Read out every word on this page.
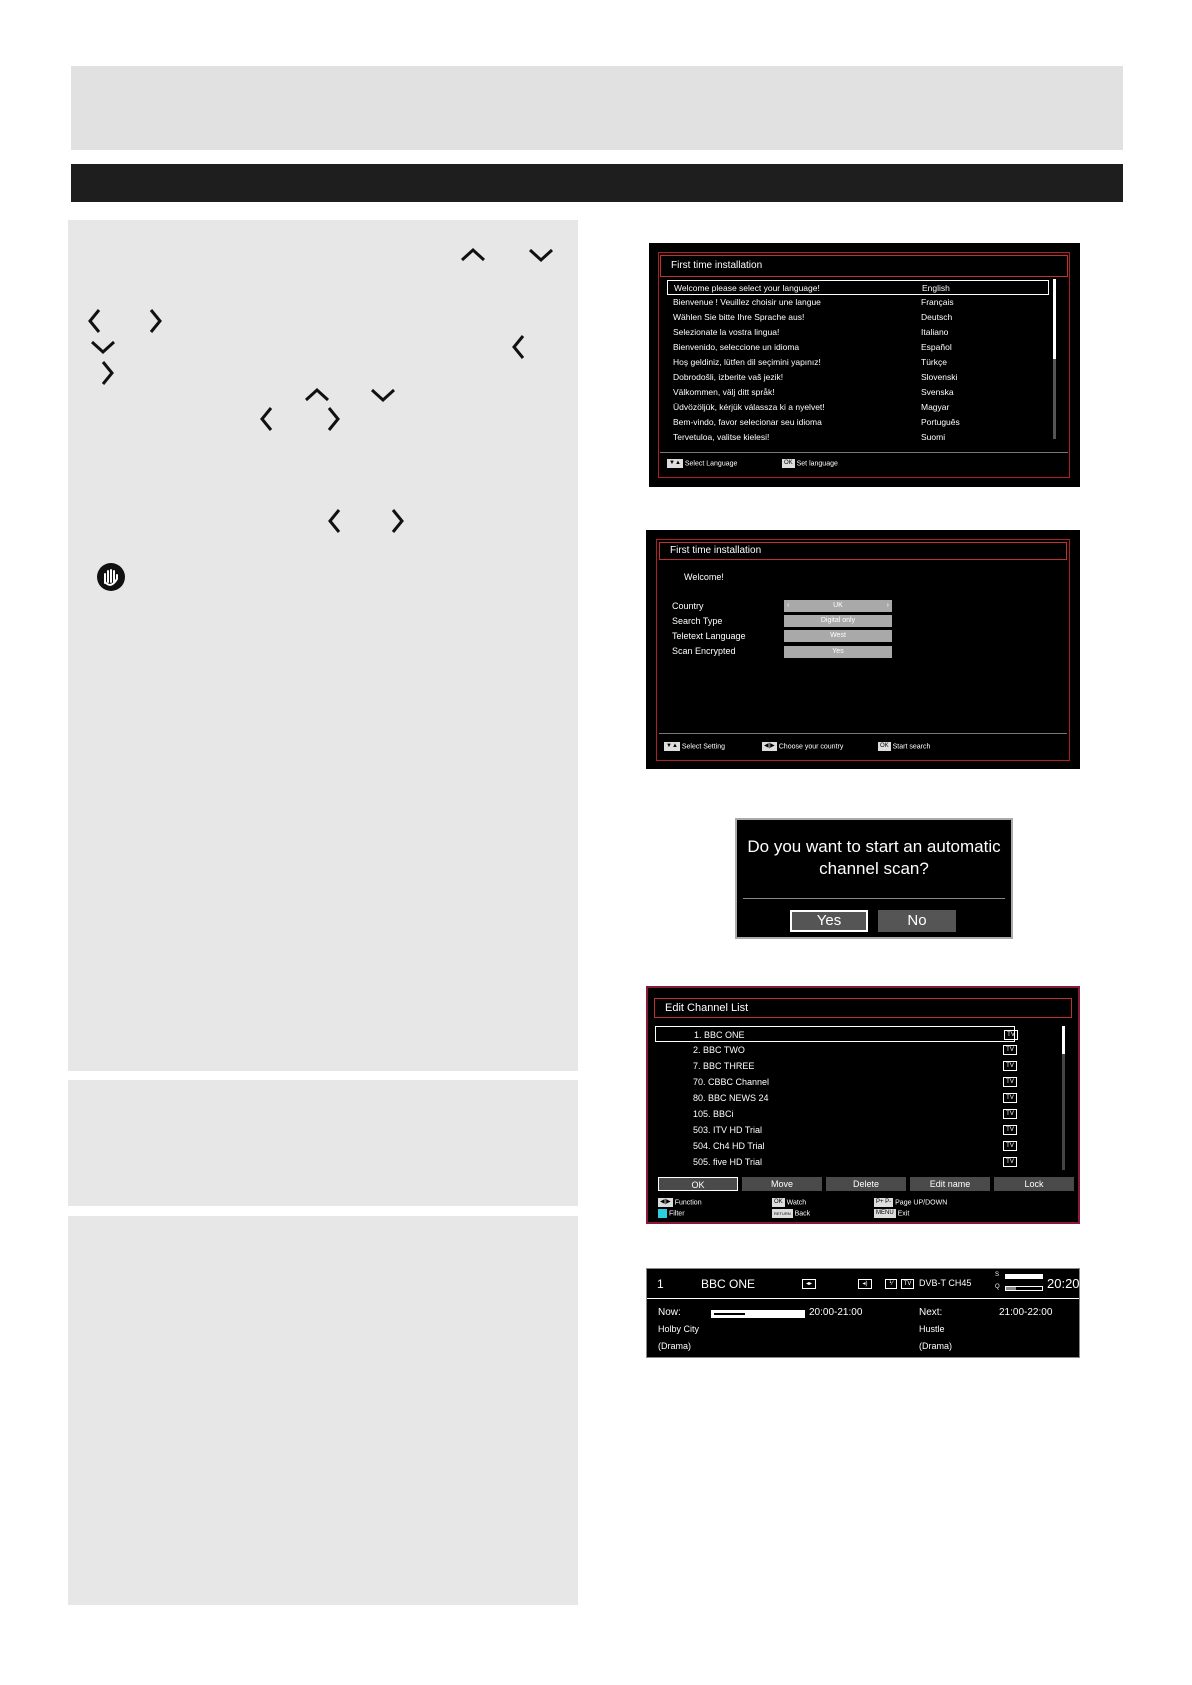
First time installation
Welcome please select your language!	English
Bienvenue ! Veuillez choisir une langue	Français
Wählen Sie bitte Ihre Sprache aus!	Deutsch
Selezionate la vostra lingua!	Italiano
Bienvenido, seleccione un idioma	Español
Hoş geldiniz, lütfen dil seçimini yapınız!	Türkçe
Dobrodošli, izberite vaš jezik!	Slovenski
Välkommen, välj ditt språk!	Svenska
Üdvözöljük, kérjük válassza ki a nyelvet!	Magyar
Bem-vindo, favor selecionar seu idioma	Português
Tervetuloa, valitse kielesi!	Suomi
▼▲ Select Language	OK Set language
First time installation
Welcome!
Country	‹	UK	›
Search Type	Digital only
Teletext Language	West
Scan Encrypted	Yes
▼▲ Select Setting	◀|▶ Choose your country	OK Start search
Do you want to start an automatic channel scan?
Yes	No
Edit Channel List
1. BBC ONE	TV
2. BBC TWO	TV
7. BBC THREE	TV
70. CBBC Channel	TV
80. BBC NEWS 24	TV
105. BBCi	TV
503. ITV HD Trial	TV
504. Ch4 HD Trial	TV
505. five HD Trial	TV
OK	Move	Delete	Edit name	Lock
◀|▶ Function
Filter
OK Watch
RETURN Back
P+ P- Page UP/DOWN
MENU Exit
1	BBC ONE	◂▸	◂)	⅟	TV DVB-T CH45
S
Q	20:20
Now:	20:00-21:00
Holby City
(Drama)
Next:	21:00-22:00
Hustle
(Drama)
